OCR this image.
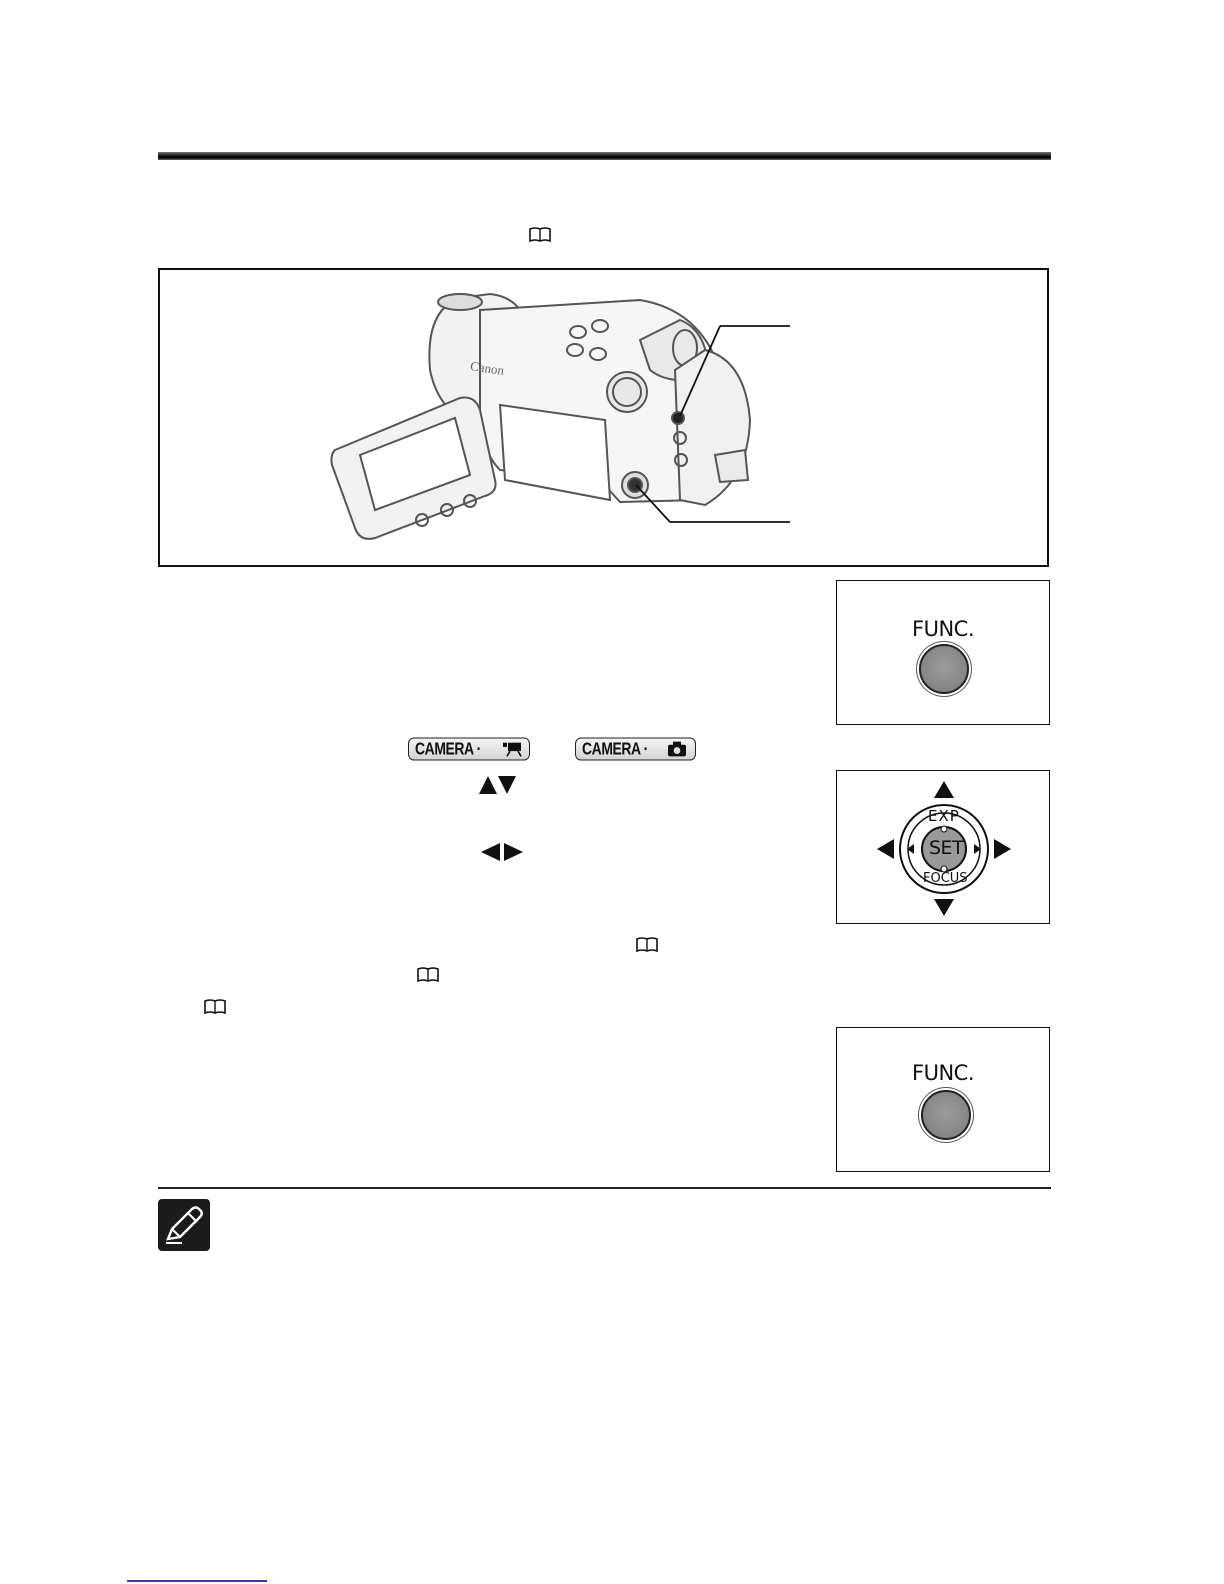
Canon
FUNC.
CAMERA ·	CAMERA ·
EXP
SET
FOCUS
FUNC.
